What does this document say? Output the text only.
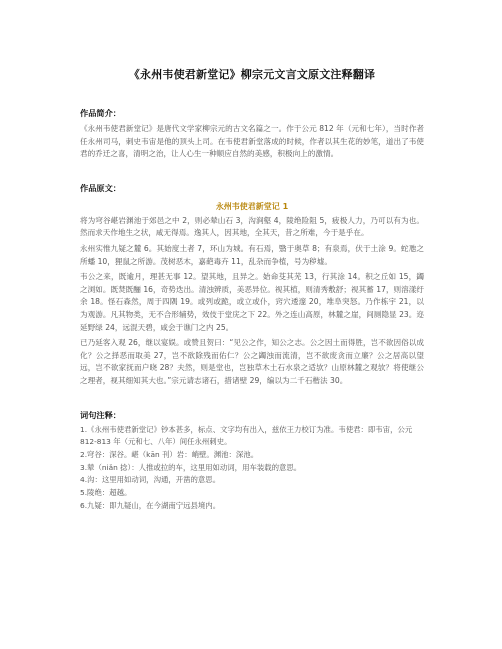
《永州韦使君新堂记》柳宗元文言文原文注释翻译
作品简介：

《永州韦使君新堂记》是唐代文学家柳宗元的古文名篇之一。作于公元 812 年（元和七年），当时作者任永州司马，刺史韦宙是他的顶头上司。在韦使君新堂落成的时候，作者以其生花的妙笔，道出了韦使君的乔迁之喜，清明之治，让人心生一种顺应自然的美感，积极向上的激情。

作品原文：

永州韦使君新堂记 1

将为穹谷嵁岩渊池于郊邑之中 2，则必辇山石 3，沟涧壑 4，陵绝险阻 5，疲极人力，乃可以有为也。然而求天作地生之状，咸无得焉。逸其人，因其地，全其天，昔之所难，今于是乎在。

永州实惟九疑之麓 6。其始度土者 7，环山为城。有石焉，翳于奥草 8；有泉焉，伏于土涂 9。蛇虺之所蟠 10，狸鼠之所游。茂树恶木，嘉葩毒卉 11，乱杂而争植，号为秽墟。

韦公之来，既逾月，理甚无事 12。望其地，且异之。始命芟其芜 13，行其涂 14。积之丘如 15，蠲之浏如。既焚既酾 16，奇势迭出。清浊辨质，美恶异位。视其植，则清秀敷舒；视其蓄 17，则溶漾纡余 18。怪石森然，周于四隅 19。或列或跪，或立或仆，窍穴逶邃 20，堆阜突怒。乃作栋宇 21，以为观游。凡其物类，无不合形辅势，效伎于堂庑之下 22。外之连山高原，林麓之崖，间厕隐显 23。迩延野绿 24，远混天碧，咸会于谯门之内 25。

已乃延客入观 26，继以宴娱。或赞且贺曰：“见公之作，知公之志。公之因土而得胜，岂不欲因俗以成化？公之择恶而取美 27，岂不欲除残而佑仁？公之蠲浊而流清，岂不欲废贪而立廉？公之居高以望远，岂不欲家抚而户晓 28？夫然，则是堂也，岂独草木土石水泉之适欤？山原林麓之观欤？将使继公之理者，视其细知其大也。”宗元请志诸石，措诸壁 29，编以为二千石楷法 30。

词句注释：

1.《永州韦使君新堂记》钞本甚多，标点、文字均有出入，兹依王力校订为准。韦使君：即韦宙，公元 812-813 年（元和七、八年）间任永州刺史。

2.穹谷：深谷。嵁（kān 刊）岩：峭壁。渊池：深池。

3.辇（niǎn 捻）：人推或拉的车，这里用如动词，用车装载的意思。

4.沟：这里用如动词，沟通，开凿的意思。

5.陵绝：超越。

6.九疑：即九疑山，在今湖南宁远县境内。
